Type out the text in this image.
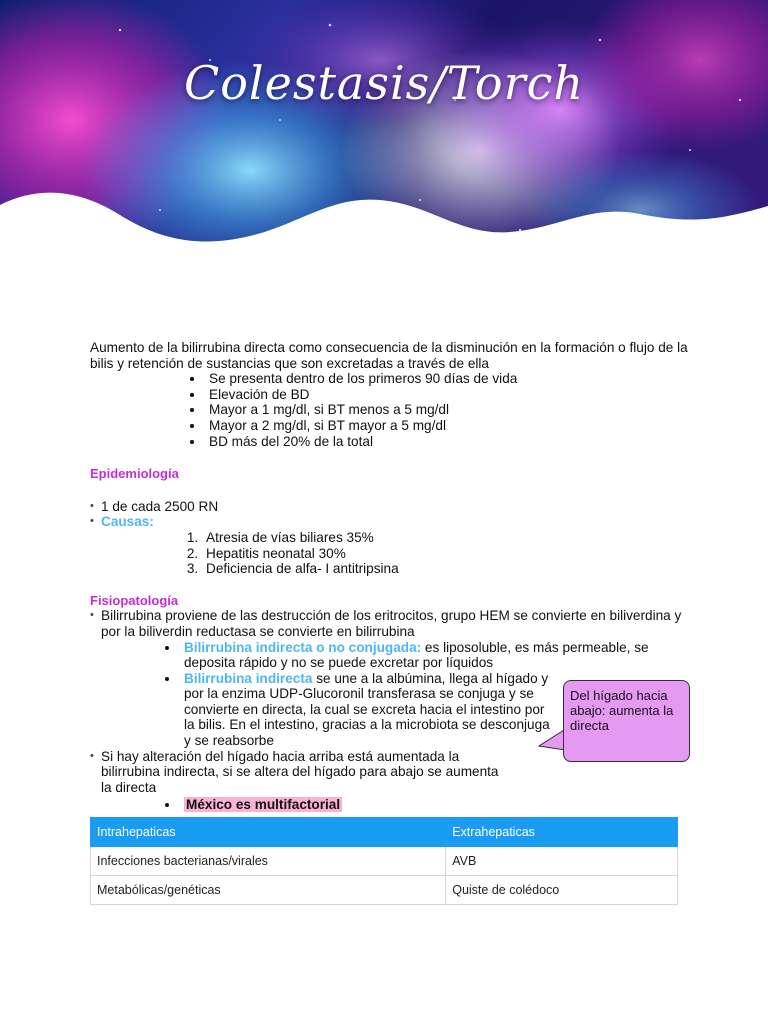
Colestasis/Torch

Aumento de la bilirrubina directa como consecuencia de la disminución en la formación o flujo de la bilis y retención de sustancias que son excretadas a través de ella

• Se presenta dentro de los primeros 90 días de vida
• Elevación de BD
• Mayor a 1 mg/dl, si BT menos a 5 mg/dl
• Mayor a 2 mg/dl, si BT mayor a 5 mg/dl
• BD más del 20% de la total
Epidemiología
• 1 de cada 2500 RN
• Causas:
1. Atresia de vías biliares 35%
2. Hepatitis neonatal 30%
3. Deficiencia de alfa- I antitripsina
Fisiopatología
• Bilirrubina proviene de las destrucción de los eritrocitos, grupo HEM se convierte en biliverdina y por la biliverdin reductasa se convierte en bilirrubina
• Bilirrubina indirecta o no conjugada: es liposoluble, es más permeable, se deposita rápido y no se puede excretar por líquidos
• Bilirrubina indirecta se une a la albúmina, llega al hígado y por la enzima UDP-Glucoronil transferasa se conjuga y se convierte en directa, la cual se excreta hacia el intestino por la bilis. En el intestino, gracias a la microbiota se desconjuga y se reabsorbe
• Si hay alteración del hígado hacia arriba está aumentada la bilirrubina indirecta, si se altera del hígado para abajo se aumenta la directa
• México es multifactorial
Del hígado hacia abajo: aumenta la directa
Intrahepaticas	Extrahepaticas
Infecciones bacterianas/virales	AVB
Metabólicas/genéticas	Quiste de colédoco
